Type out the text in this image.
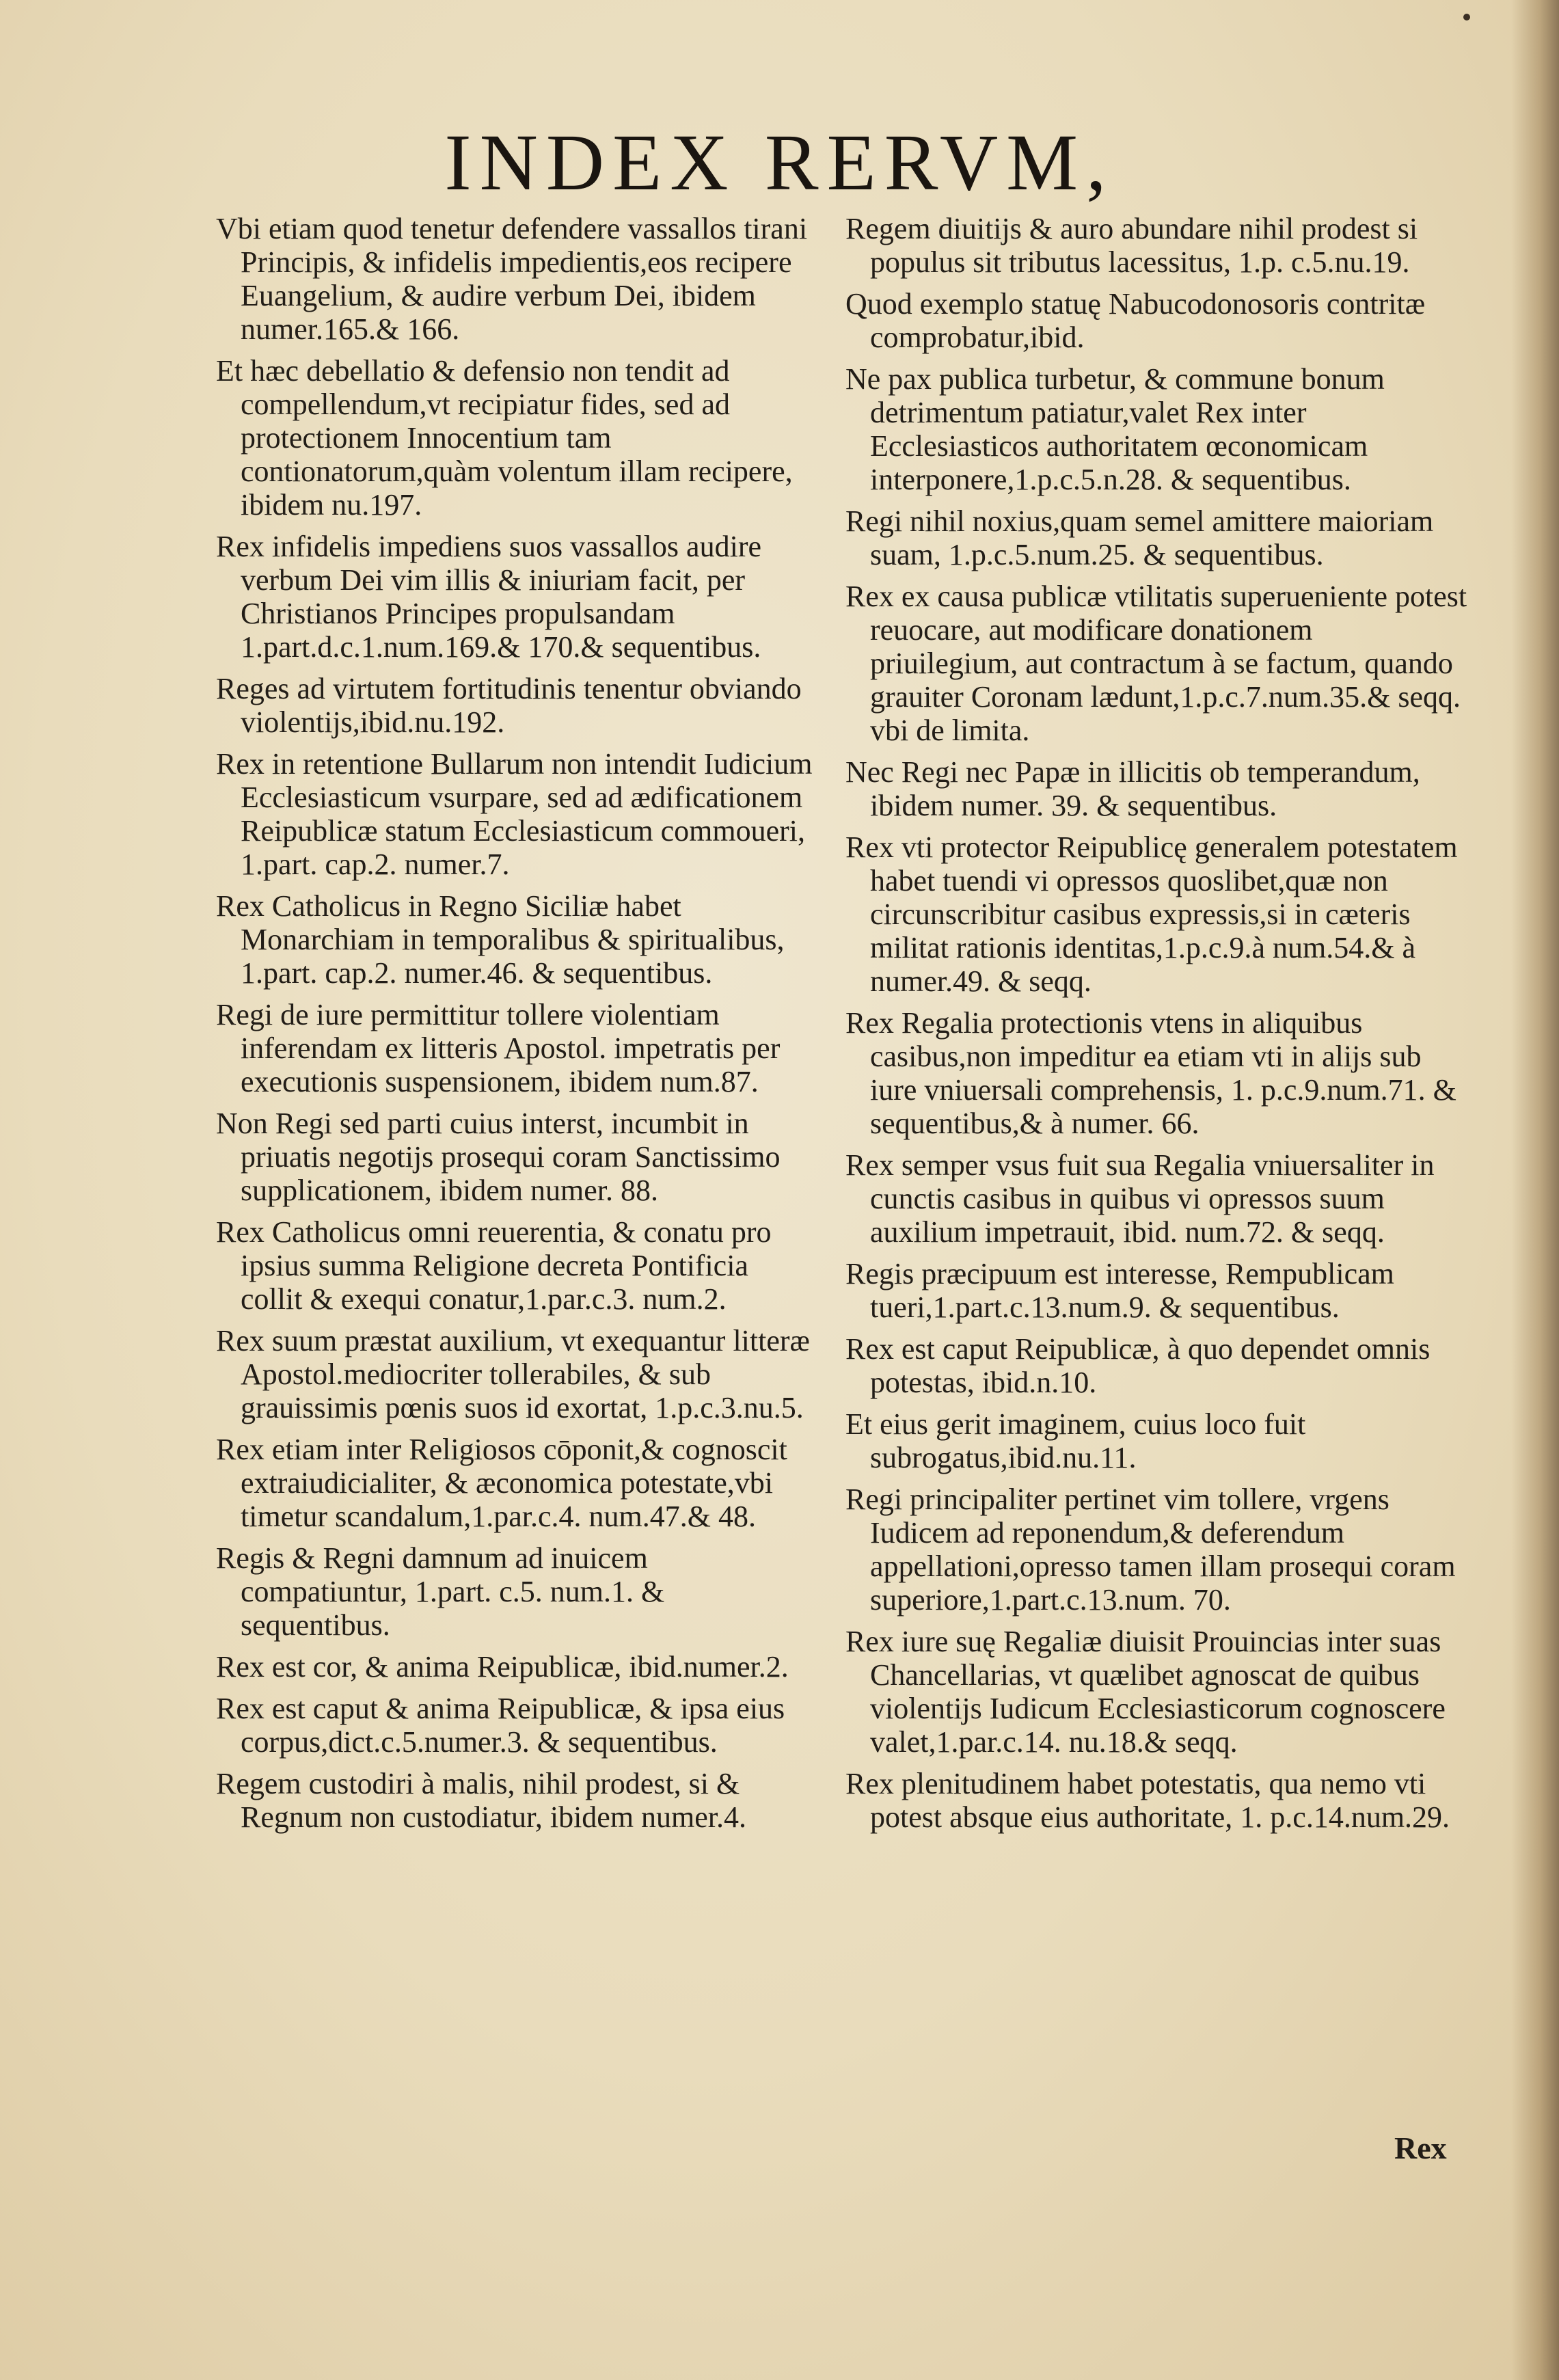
INDEX RERVM,

Vbi etiam quod tenetur defendere vassallos tirani Principis, & infidelis impedientis,eos recipere Euangelium, & audire verbum Dei, ibidem numer.165.& 166.

Et hæc debellatio & defensio non tendit ad compellendum,vt recipiatur fides, sed ad protectionem Innocentium tam contionatorum,quàm volentum illam recipere, ibidem nu.197.

Rex infidelis impediens suos vassallos audire verbum Dei vim illis & iniuriam facit, per Christianos Principes propulsandam 1.part.d.c.1.num.169.& 170.& sequentibus.

Reges ad virtutem fortitudinis tenentur obviando violentijs,ibid.nu.192.

Rex in retentione Bullarum non intendit Iudicium Ecclesiasticum vsurpare, sed ad ædificationem Reipublicæ statum Ecclesiasticum commoueri, 1.part. cap.2. numer.7.

Rex Catholicus in Regno Siciliæ habet Monarchiam in temporalibus & spiritualibus, 1.part. cap.2. numer.46. & sequentibus.

Regi de iure permittitur tollere violentiam inferendam ex litteris Apostol. impetratis per executionis suspensionem, ibidem num.87.

Non Regi sed parti cuius interst, incumbit in priuatis negotijs prosequi coram Sanctissimo supplicationem, ibidem numer. 88.

Rex Catholicus omni reuerentia, & conatu pro ipsius summa Religione decreta Pontificia collit & exequi conatur,1.par.c.3. num.2.

Rex suum præstat auxilium, vt exequantur litteræ Apostol.mediocriter tollerabiles, & sub grauissimis pœnis suos id exortat, 1.p.c.3.nu.5.

Rex etiam inter Religiosos cōponit,& cognoscit extraiudicialiter, & æconomica potestate,vbi timetur scandalum,1.par.c.4. num.47.& 48.

Regis & Regni damnum ad inuicem compatiuntur, 1.part. c.5. num.1. & sequentibus.

Rex est cor, & anima Reipublicæ, ibid.numer.2.

Rex est caput & anima Reipublicæ, & ipsa eius corpus,dict.c.5.numer.3. & sequentibus.

Regem custodiri à malis, nihil prodest, si & Regnum non custodiatur, ibidem numer.4.

Regem diuitijs & auro abundare nihil prodest si populus sit tributus lacessitus, 1.p. c.5.nu.19.

Quod exemplo statuę Nabucodonosoris contritæ comprobatur,ibid.

Ne pax publica turbetur, & commune bonum detrimentum patiatur,valet Rex inter Ecclesiasticos authoritatem œconomicam interponere,1.p.c.5.n.28. & sequentibus.

Regi nihil noxius,quam semel amittere maioriam suam, 1.p.c.5.num.25. & sequentibus.

Rex ex causa publicæ vtilitatis superueniente potest reuocare, aut modificare donationem priuilegium, aut contractum à se factum, quando grauiter Coronam lædunt,1.p.c.7.num.35.& seqq. vbi de limita.

Nec Regi nec Papæ in illicitis ob temperandum, ibidem numer. 39. & sequentibus.

Rex vti protector Reipublicę generalem potestatem habet tuendi vi opressos quoslibet,quæ non circunscribitur casibus expressis,si in cæteris militat rationis identitas,1.p.c.9.à num.54.& à numer.49. & seqq.

Rex Regalia protectionis vtens in aliquibus casibus,non impeditur ea etiam vti in alijs sub iure vniuersali comprehensis, 1. p.c.9.num.71. & sequentibus,& à numer. 66.

Rex semper vsus fuit sua Regalia vniuersaliter in cunctis casibus in quibus vi opressos suum auxilium impetrauit, ibid. num.72. & seqq.

Regis præcipuum est interesse, Rempublicam tueri,1.part.c.13.num.9. & sequentibus.

Rex est caput Reipublicæ, à quo dependet omnis potestas, ibid.n.10.

Et eius gerit imaginem, cuius loco fuit subrogatus,ibid.nu.11.

Regi principaliter pertinet vim tollere, vrgens Iudicem ad reponendum,& deferendum appellationi,opresso tamen illam prosequi coram superiore,1.part.c.13.num. 70.

Rex iure suę Regaliæ diuisit Prouincias inter suas Chancellarias, vt quælibet agnoscat de quibus violentijs Iudicum Ecclesiasticorum cognoscere valet,1.par.c.14. nu.18.& seqq.

Rex plenitudinem habet potestatis, qua nemo vti potest absque eius authoritate, 1. p.c.14.num.29.

Rex
